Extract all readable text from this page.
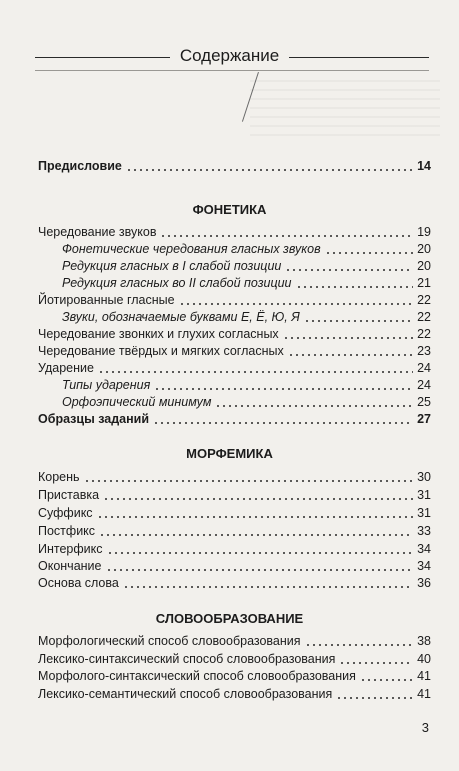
Содержание
Предисловие	14
ФОНЕТИКА
Чередование звуков	19
Фонетические чередования гласных звуков	20
Редукция гласных в I слабой позиции	20
Редукция гласных во II слабой позиции	21
Йотированные гласные	22
Звуки, обозначаемые буквами Е, Ё, Ю, Я	22
Чередование звонких и глухих согласных	22
Чередование твёрдых и мягких согласных	23
Ударение	24
Типы ударения	24
Орфоэпический минимум	25
Образцы заданий	27
МОРФЕМИКА
Корень	30
Приставка	31
Суффикс	31
Постфикс	33
Интерфикс	34
Окончание	34
Основа слова	36
СЛОВООБРАЗОВАНИЕ
Морфологический способ словообразования	38
Лексико-синтаксический способ словообразования	40
Морфолого-синтаксический способ словообразования	41
Лексико-семантический способ словообразования	41
3
